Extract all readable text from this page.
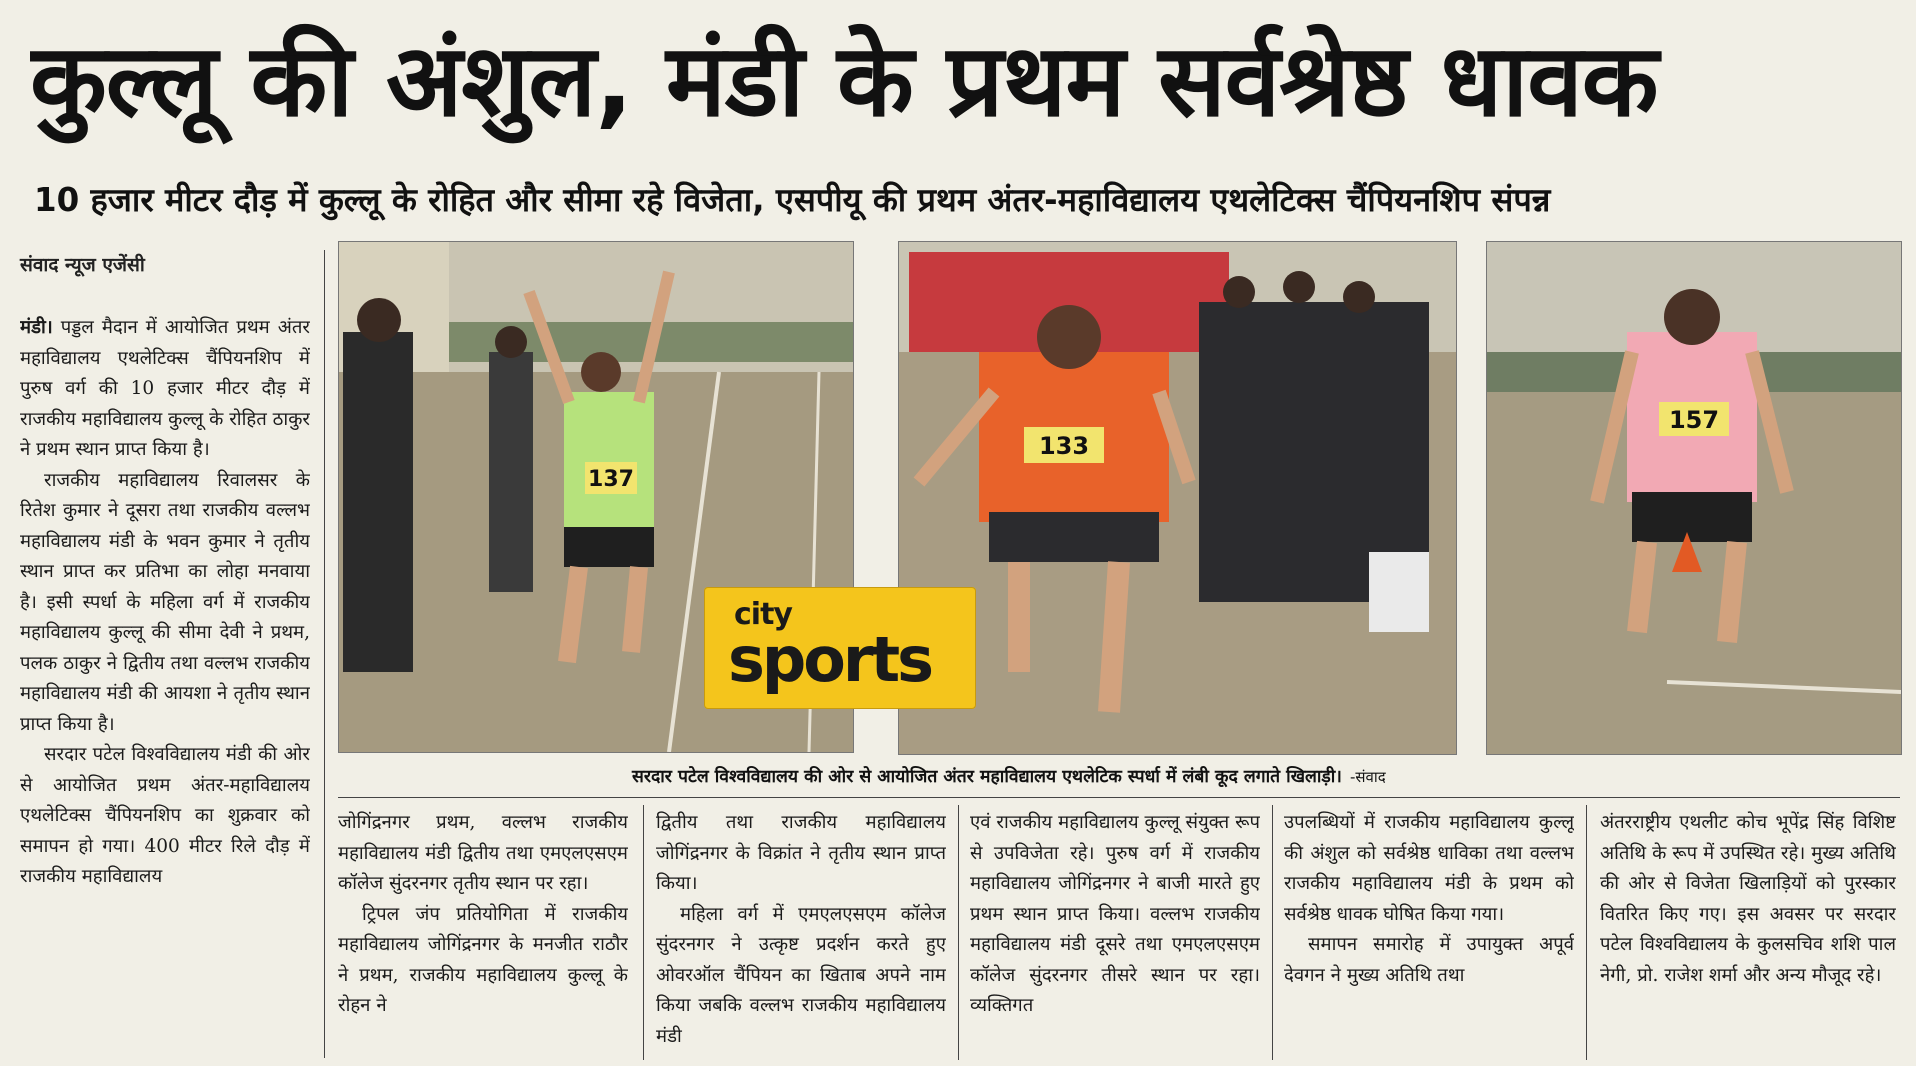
कुल्लू की अंशुल, मंडी के प्रथम सर्वश्रेष्ठ धावक
10 हजार मीटर दौड़ में कुल्लू के रोहित और सीमा रहे विजेता, एसपीयू की प्रथम अंतर-महाविद्यालय एथलेटिक्स चैंपियनशिप संपन्न
संवाद न्यूज एजेंसी

मंडी। पड्डल मैदान में आयोजित प्रथम अंतर महाविद्यालय एथलेटिक्स चैंपियनशिप में पुरुष वर्ग की 10 हजार मीटर दौड़ में राजकीय महाविद्यालय कुल्लू के रोहित ठाकुर ने प्रथम स्थान प्राप्त किया है।

राजकीय महाविद्यालय रिवालसर के रितेश कुमार ने दूसरा तथा राजकीय वल्लभ महाविद्यालय मंडी के भवन कुमार ने तृतीय स्थान प्राप्त कर प्रतिभा का लोहा मनवाया है। इसी स्पर्धा के महिला वर्ग में राजकीय महाविद्यालय कुल्लू की सीमा देवी ने प्रथम, पलक ठाकुर ने द्वितीय तथा वल्लभ राजकीय महाविद्यालय मंडी की आयशा ने तृतीय स्थान प्राप्त किया है।

सरदार पटेल विश्वविद्यालय मंडी की ओर से आयोजित प्रथम अंतर-महाविद्यालय एथलेटिक्स चैंपियनशिप का शुक्रवार को समापन हो गया। 400 मीटर रिले दौड़ में राजकीय महाविद्यालय

137
133
157
city
sports
सरदार पटेल विश्वविद्यालय की ओर से आयोजित अंतर महाविद्यालय एथलेटिक स्पर्धा में लंबी कूद लगाते खिलाड़ी। -संवाद

जोगिंद्रनगर प्रथम, वल्लभ राजकीय महाविद्यालय मंडी द्वितीय तथा एमएलएसएम कॉलेज सुंदरनगर तृतीय स्थान पर रहा।

ट्रिपल जंप प्रतियोगिता में राजकीय महाविद्यालय जोगिंद्रनगर के मनजीत राठौर ने प्रथम, राजकीय महाविद्यालय कुल्लू के रोहन ने

द्वितीय तथा राजकीय महाविद्यालय जोगिंद्रनगर के विक्रांत ने तृतीय स्थान प्राप्त किया।

महिला वर्ग में एमएलएसएम कॉलेज सुंदरनगर ने उत्कृष्ट प्रदर्शन करते हुए ओवरऑल चैंपियन का खिताब अपने नाम किया जबकि वल्लभ राजकीय महाविद्यालय मंडी

एवं राजकीय महाविद्यालय कुल्लू संयुक्त रूप से उपविजेता रहे। पुरुष वर्ग में राजकीय महाविद्यालय जोगिंद्रनगर ने बाजी मारते हुए प्रथम स्थान प्राप्त किया। वल्लभ राजकीय महाविद्यालय मंडी दूसरे तथा एमएलएसएम कॉलेज सुंदरनगर तीसरे स्थान पर रहा। व्यक्तिगत

उपलब्धियों में राजकीय महाविद्यालय कुल्लू की अंशुल को सर्वश्रेष्ठ धाविका तथा वल्लभ राजकीय महाविद्यालय मंडी के प्रथम को सर्वश्रेष्ठ धावक घोषित किया गया।

समापन समारोह में उपायुक्त अपूर्व देवगन ने मुख्य अतिथि तथा

अंतरराष्ट्रीय एथलीट कोच भूपेंद्र सिंह विशिष्ट अतिथि के रूप में उपस्थित रहे। मुख्य अतिथि की ओर से विजेता खिलाड़ियों को पुरस्कार वितरित किए गए। इस अवसर पर सरदार पटेल विश्वविद्यालय के कुलसचिव शशि पाल नेगी, प्रो. राजेश शर्मा और अन्य मौजूद रहे।
